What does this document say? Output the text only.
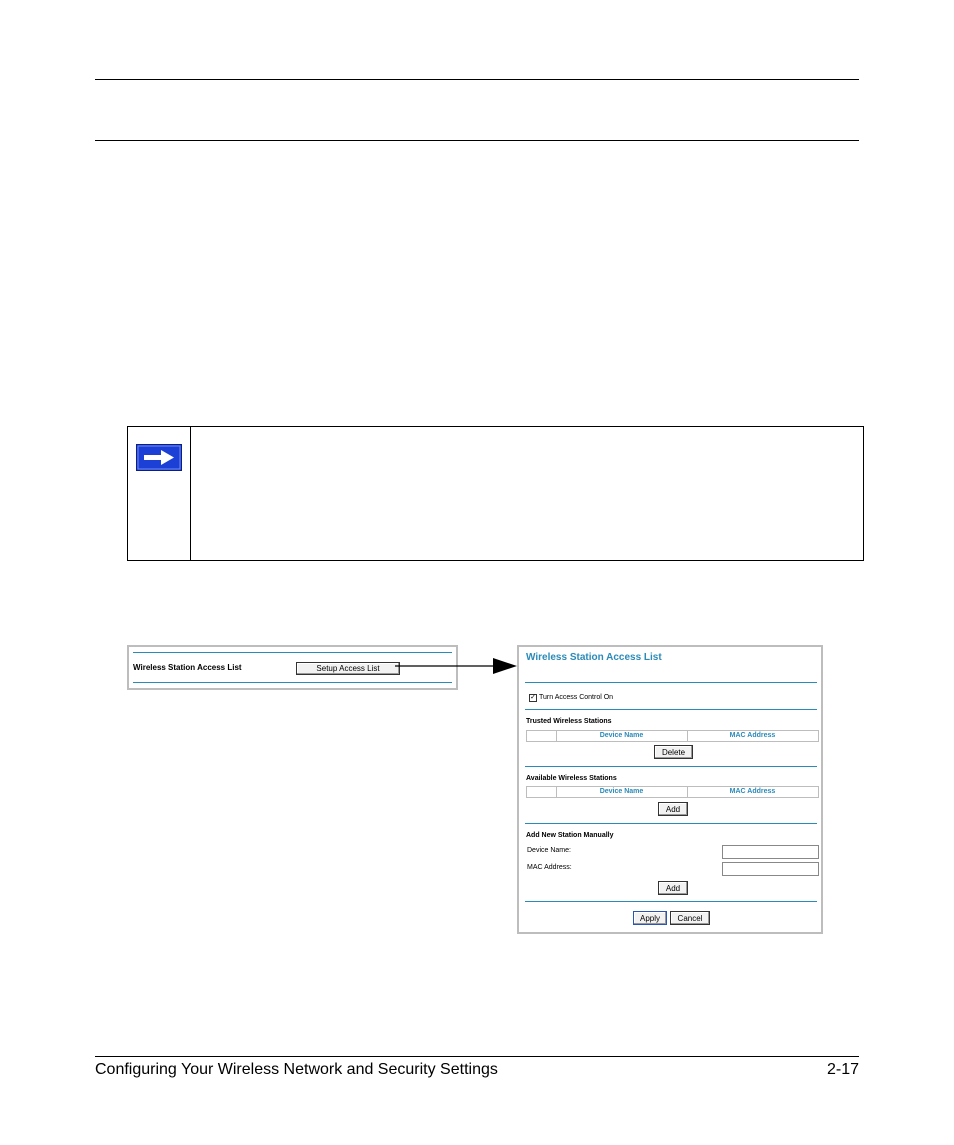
Wireless Station Access List	Setup Access List
Wireless Station Access List
✓ Turn Access Control On
Trusted Wireless Stations
Device Name	MAC Address
Delete
Available Wireless Stations
Device Name	MAC Address
Add
Add New Station Manually
Device Name:
MAC Address:
Add
Apply	Cancel
Configuring Your Wireless Network and Security Settings	2-17
